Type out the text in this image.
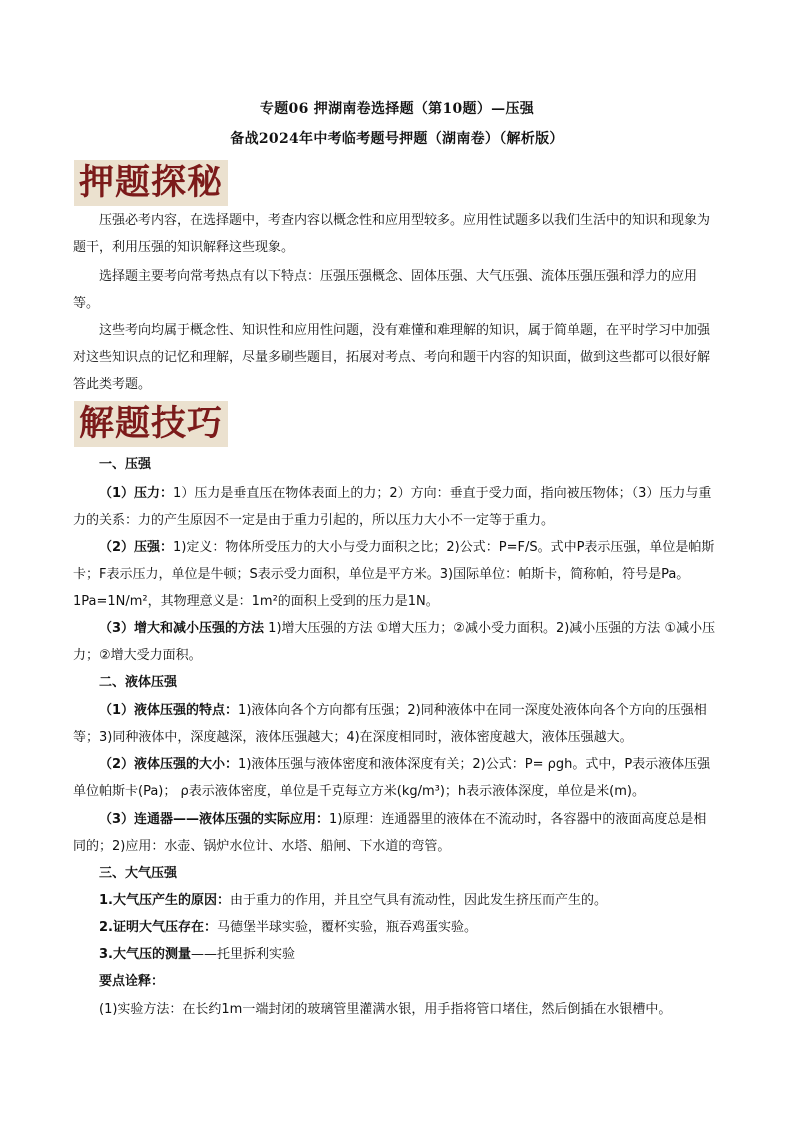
专题06 押湖南卷选择题（第10题）—压强
备战2024年中考临考题号押题（湖南卷）（解析版）
押题探秘
压强必考内容，在选择题中，考查内容以概念性和应用型较多。应用性试题多以我们生活中的知识和现象为题干，利用压强的知识解释这些现象。
选择题主要考向常考热点有以下特点：压强压强概念、固体压强、大气压强、流体压强压强和浮力的应用等。
这些考向均属于概念性、知识性和应用性问题，没有难懂和难理解的知识，属于简单题，在平时学习中加强对这些知识点的记忆和理解，尽量多刷些题目，拓展对考点、考向和题干内容的知识面，做到这些都可以很好解答此类考题。
解题技巧
一、压强
（1）压力：1）压力是垂直压在物体表面上的力；2）方向：垂直于受力面，指向被压物体；（3）压力与重力的关系：力的产生原因不一定是由于重力引起的，所以压力大小不一定等于重力。
（2）压强：1)定义：物体所受压力的大小与受力面积之比；2)公式：P=F/S。式中P表示压强，单位是帕斯卡；F表示压力，单位是牛顿；S表示受力面积，单位是平方米。3)国际单位：帕斯卡，简称帕，符号是Pa。1Pa=1N/m²，其物理意义是：1m²的面积上受到的压力是1N。
（3）增大和减小压强的方法 1)增大压强的方法 ①增大压力；②减小受力面积。2)减小压强的方法 ①减小压力；②增大受力面积。
二、液体压强
（1）液体压强的特点：1)液体向各个方向都有压强；2)同种液体中在同一深度处液体向各个方向的压强相等；3)同种液体中，深度越深，液体压强越大；4)在深度相同时，液体密度越大，液体压强越大。
（2）液体压强的大小：1)液体压强与液体密度和液体深度有关；2)公式：P= ρgh。式中，P表示液体压强单位帕斯卡(Pa)； ρ表示液体密度，单位是千克每立方米(kg/m³)；h表示液体深度，单位是米(m)。
（3）连通器——液体压强的实际应用：1)原理：连通器里的液体在不流动时，各容器中的液面高度总是相同的；2)应用：水壶、锅炉水位计、水塔、船闸、下水道的弯管。
三、大气压强
1.大气压产生的原因：由于重力的作用，并且空气具有流动性，因此发生挤压而产生的。
2.证明大气压存在：马德堡半球实验，覆杯实验，瓶吞鸡蛋实验。
3.大气压的测量——托里拆利实验
要点诠释：
(1)实验方法：在长约1m一端封闭的玻璃管里灌满水银，用手指将管口堵住，然后倒插在水银槽中。
